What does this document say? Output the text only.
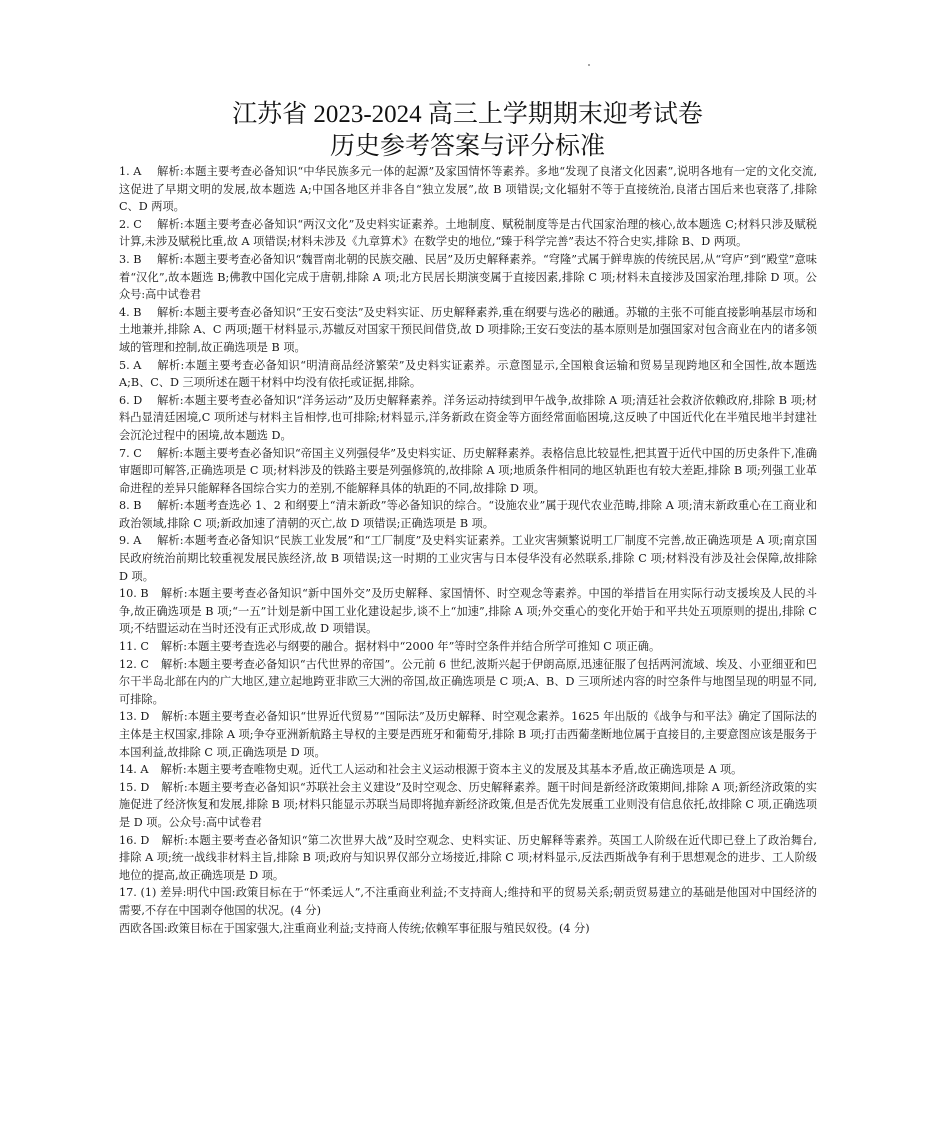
江苏省 2023-2024 高三上学期期末迎考试卷
历史参考答案与评分标准

1. A 解析:本题主要考查必备知识“中华民族多元一体的起源”及家国情怀等素养。多地“发现了良渚文化因素”,说明各地有一定的文化交流,这促进了早期文明的发展,故本题选 A;中国各地区并非各自“独立发展”,故 B 项错误;文化辐射不等于直接统治,良渚古国后来也衰落了,排除 C、D 两项。

2. C 解析:本题主要考查必备知识“两汉文化”及史料实证素养。土地制度、赋税制度等是古代国家治理的核心,故本题选 C;材料只涉及赋税计算,未涉及赋税比重,故 A 项错误;材料未涉及《九章算术》在数学史的地位,“臻于科学完善”表达不符合史实,排除 B、D 两项。

3. B 解析:本题主要考查必备知识“魏晋南北朝的民族交融、民居”及历史解释素养。“穹隆”式属于鲜卑族的传统民居,从“穹庐”到“殿堂”意味着“汉化”,故本题选 B;佛教中国化完成于唐朝,排除 A 项;北方民居长期演变属于直接因素,排除 C 项;材料未直接涉及国家治理,排除 D 项。公众号:高中试卷君

4. B 解析:本题主要考查必备知识“王安石变法”及史料实证、历史解释素养,重在纲要与选必的融通。苏辙的主张不可能直接影响基层市场和土地兼并,排除 A、C 两项;题干材料显示,苏辙反对国家干预民间借贷,故 D 项排除;王安石变法的基本原则是加强国家对包含商业在内的诸多领域的管理和控制,故正确选项是 B 项。

5. A 解析:本题主要考查必备知识“明清商品经济繁荣”及史料实证素养。示意图显示,全国粮食运输和贸易呈现跨地区和全国性,故本题选 A;B、C、D 三项所述在题干材料中均没有依托或证据,排除。

6. D 解析:本题主要考查必备知识“洋务运动”及历史解释素养。洋务运动持续到甲午战争,故排除 A 项;清廷社会救济依赖政府,排除 B 项;材料凸显清廷困境,C 项所述与材料主旨相悖,也可排除;材料显示,洋务新政在资金等方面经常面临困境,这反映了中国近代化在半殖民地半封建社会沉沦过程中的困境,故本题选 D。

7. C 解析:本题主要考查必备知识“帝国主义列强侵华”及史料实证、历史解释素养。表格信息比较显性,把其置于近代中国的历史条件下,准确审题即可解答,正确选项是 C 项;材料涉及的铁路主要是列强修筑的,故排除 A 项;地质条件相同的地区轨距也有较大差距,排除 B 项;列强工业革命进程的差异只能解释各国综合实力的差别,不能解释具体的轨距的不同,故排除 D 项。

8. B 解析:本题考查选必 1、2 和纲要上“清末新政”等必备知识的综合。“设施农业”属于现代农业范畴,排除 A 项;清末新政重心在工商业和政治领域,排除 C 项;新政加速了清朝的灭亡,故 D 项错误;正确选项是 B 项。

9. A 解析:本题考查必备知识“民族工业发展”和“工厂制度”及史料实证素养。工业灾害频繁说明工厂制度不完善,故正确选项是 A 项;南京国民政府统治前期比较重视发展民族经济,故 B 项错误;这一时期的工业灾害与日本侵华没有必然联系,排除 C 项;材料没有涉及社会保障,故排除 D 项。

10. B 解析:本题主要考查必备知识“新中国外交”及历史解释、家国情怀、时空观念等素养。中国的举措旨在用实际行动支援埃及人民的斗争,故正确选项是 B 项;“一五”计划是新中国工业化建设起步,谈不上“加速”,排除 A 项;外交重心的变化开始于和平共处五项原则的提出,排除 C 项;不结盟运动在当时还没有正式形成,故 D 项错误。

11. C 解析:本题主要考查选必与纲要的融合。据材料中“2000 年”等时空条件并结合所学可推知 C 项正确。

12. C 解析:本题主要考查必备知识“古代世界的帝国”。公元前 6 世纪,波斯兴起于伊朗高原,迅速征服了包括两河流域、埃及、小亚细亚和巴尔干半岛北部在内的广大地区,建立起地跨亚非欧三大洲的帝国,故正确选项是 C 项;A、B、D 三项所述内容的时空条件与地图呈现的明显不同,可排除。

13. D 解析:本题主要考查必备知识“世界近代贸易”“国际法”及历史解释、时空观念素养。1625 年出版的《战争与和平法》确定了国际法的主体是主权国家,排除 A 项;争夺亚洲新航路主导权的主要是西班牙和葡萄牙,排除 B 项;打击西葡垄断地位属于直接目的,主要意图应该是服务于本国利益,故排除 C 项,正确选项是 D 项。

14. A 解析:本题主要考查唯物史观。近代工人运动和社会主义运动根源于资本主义的发展及其基本矛盾,故正确选项是 A 项。

15. D 解析:本题主要考查必备知识“苏联社会主义建设”及时空观念、历史解释素养。题干时间是新经济政策期间,排除 A 项;新经济政策的实施促进了经济恢复和发展,排除 B 项;材料只能显示苏联当局即将抛弃新经济政策,但是否优先发展重工业则没有信息依托,故排除 C 项,正确选项是 D 项。公众号:高中试卷君

16. D 解析:本题主要考查必备知识“第二次世界大战”及时空观念、史料实证、历史解释等素养。英国工人阶级在近代即已登上了政治舞台,排除 A 项;统一战线非材料主旨,排除 B 项;政府与知识界仅部分立场接近,排除 C 项;材料显示,反法西斯战争有利于思想观念的进步、工人阶级地位的提高,故正确选项是 D 项。

17. (1) 差异:明代中国:政策目标在于“怀柔远人”,不注重商业利益;不支持商人;维持和平的贸易关系;朝贡贸易建立的基础是他国对中国经济的需要,不存在中国剥夺他国的状况。(4 分)

西欧各国:政策目标在于国家强大,注重商业利益;支持商人传统;依赖军事征服与殖民奴役。(4 分)
